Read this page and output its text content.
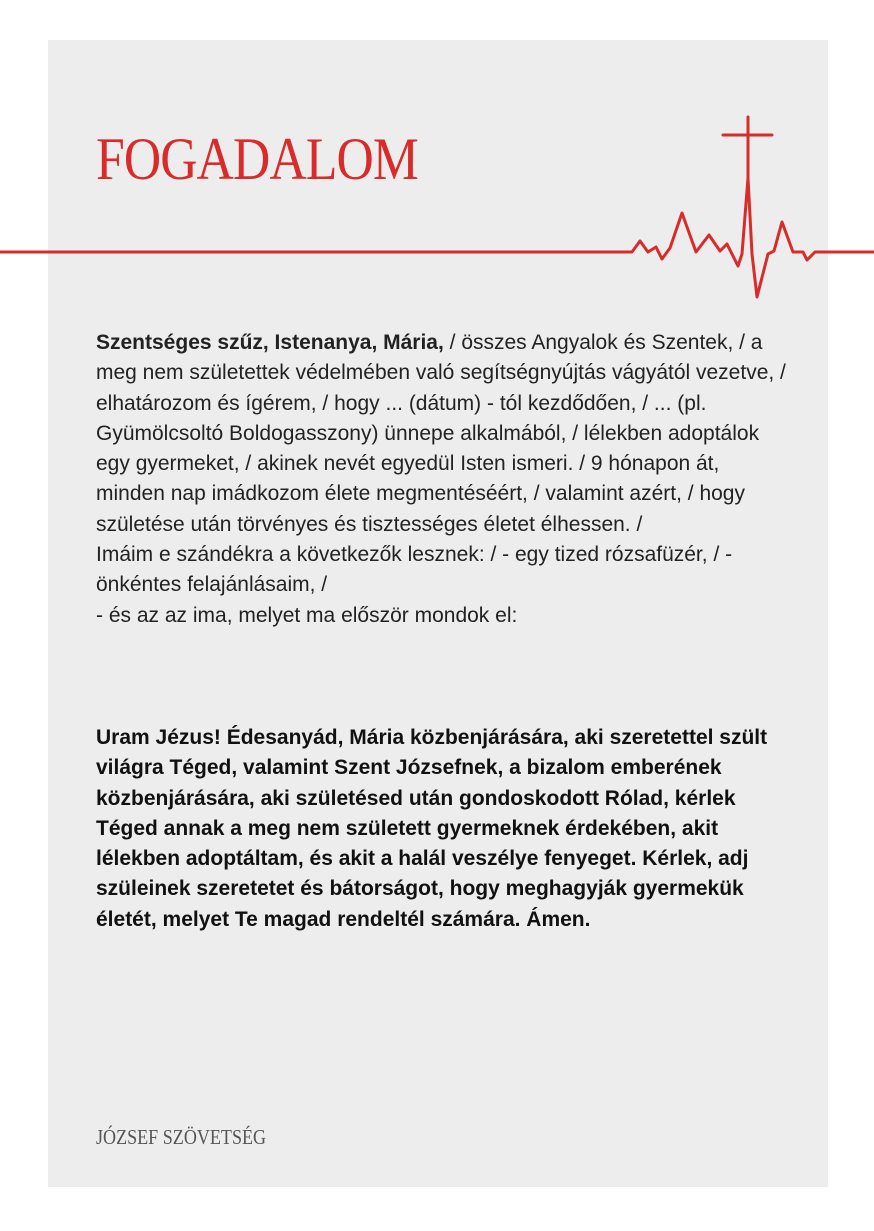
FOGADALOM

Szentséges szűz, Istenanya, Mária, / összes Angyalok és Szentek, / a meg nem születettek védelmében való segítségnyújtás vágyától vezetve, / elhatározom és ígérem, / hogy ... (dátum) - tól kezdődően, / ... (pl. Gyümölcsoltó Boldogasszony) ünnepe alkalmából, / lélekben adoptálok egy gyermeket, / akinek nevét egyedül Isten ismeri. / 9 hónapon át, minden nap imádkozom élete megmentéséért, / valamint azért, / hogy születése után törvényes és tisztességes életet élhessen. /

Imáim e szándékra a következők lesznek: / - egy tized rózsafüzér, / - önkéntes felajánlásaim, /

- és az az ima, melyet ma először mondok el:

Uram Jézus! Édesanyád, Mária közbenjárására, aki szeretettel szült világra Téged, valamint Szent Józsefnek, a bizalom emberének közbenjárására, aki születésed után gondoskodott Rólad, kérlek Téged annak a meg nem született gyermeknek érdekében, akit lélekben adoptáltam, és akit a halál veszélye fenyeget. Kérlek, adj szüleinek szeretetet és bátorságot, hogy meghagyják gyermekük életét, melyet Te magad rendeltél számára. Ámen.

JÓZSEF SZÖVETSÉG
